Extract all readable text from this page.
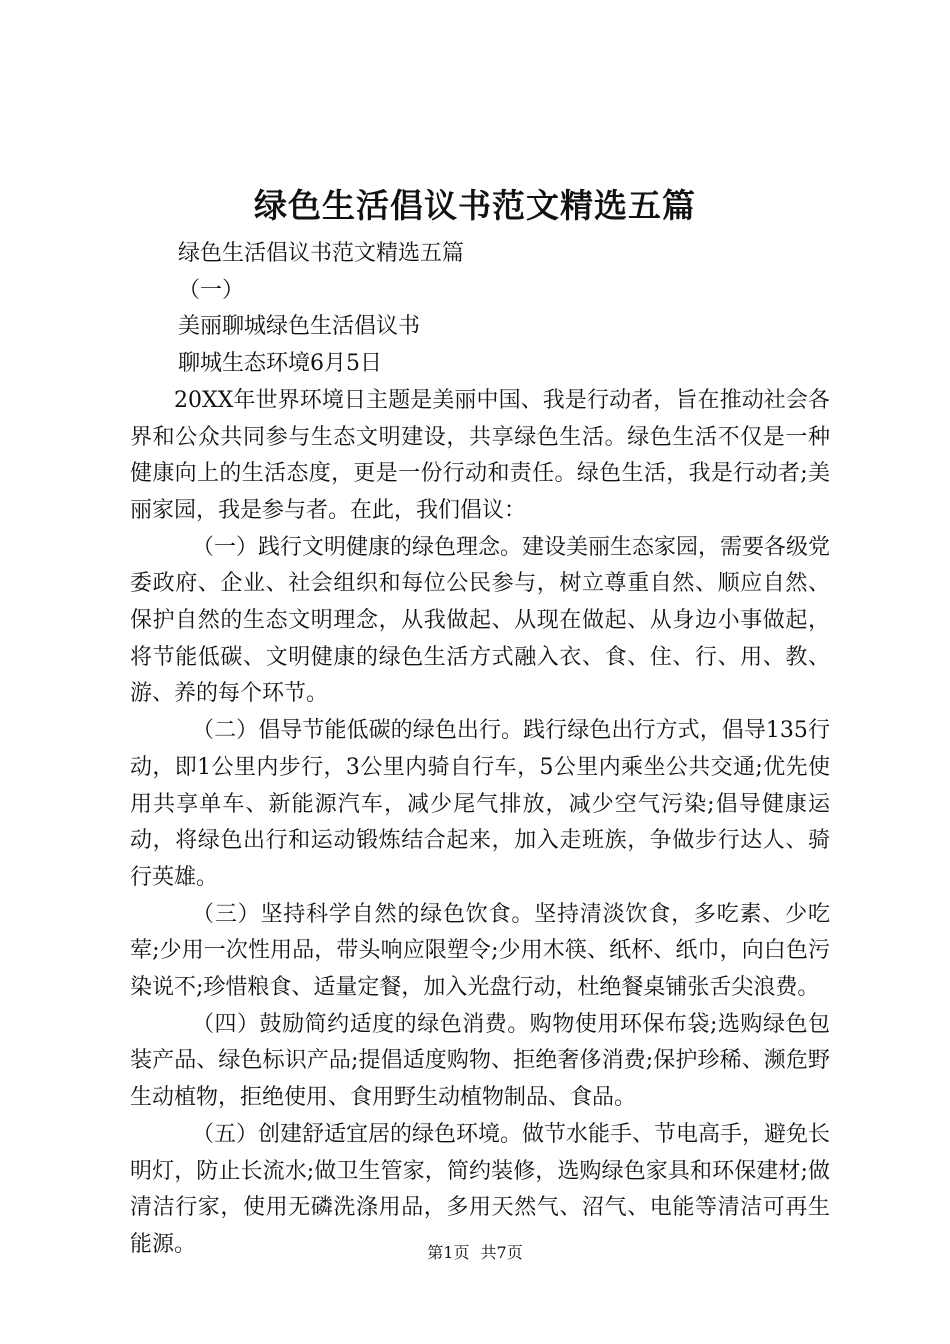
绿色生活倡议书范文精选五篇

绿色生活倡议书范文精选五篇

（一）

美丽聊城绿色生活倡议书

聊城生态环境6月5日

20XX年世界环境日主题是美丽中国、我是行动者，旨在推动社会各界和公众共同参与生态文明建设，共享绿色生活。绿色生活不仅是一种健康向上的生活态度，更是一份行动和责任。绿色生活，我是行动者;美丽家园，我是参与者。在此，我们倡议：

（一）践行文明健康的绿色理念。建设美丽生态家园，需要各级党委政府、企业、社会组织和每位公民参与，树立尊重自然、顺应自然、保护自然的生态文明理念，从我做起、从现在做起、从身边小事做起，将节能低碳、文明健康的绿色生活方式融入衣、食、住、行、用、教、游、养的每个环节。

（二）倡导节能低碳的绿色出行。践行绿色出行方式，倡导135行动，即1公里内步行，3公里内骑自行车，5公里内乘坐公共交通;优先使用共享单车、新能源汽车，减少尾气排放，减少空气污染;倡导健康运动，将绿色出行和运动锻炼结合起来，加入走班族，争做步行达人、骑行英雄。

（三）坚持科学自然的绿色饮食。坚持清淡饮食，多吃素、少吃荤;少用一次性用品，带头响应限塑令;少用木筷、纸杯、纸巾，向白色污染说不;珍惜粮食、适量定餐，加入光盘行动，杜绝餐桌铺张舌尖浪费。

（四）鼓励简约适度的绿色消费。购物使用环保布袋;选购绿色包装产品、绿色标识产品;提倡适度购物、拒绝奢侈消费;保护珍稀、濒危野生动植物，拒绝使用、食用野生动植物制品、食品。

（五）创建舒适宜居的绿色环境。做节水能手、节电高手，避免长明灯，防止长流水;做卫生管家，简约装修，选购绿色家具和环保建材;做清洁行家，使用无磷洗涤用品，多用天然气、沼气、电能等清洁可再生能源。	第1页 共7页
